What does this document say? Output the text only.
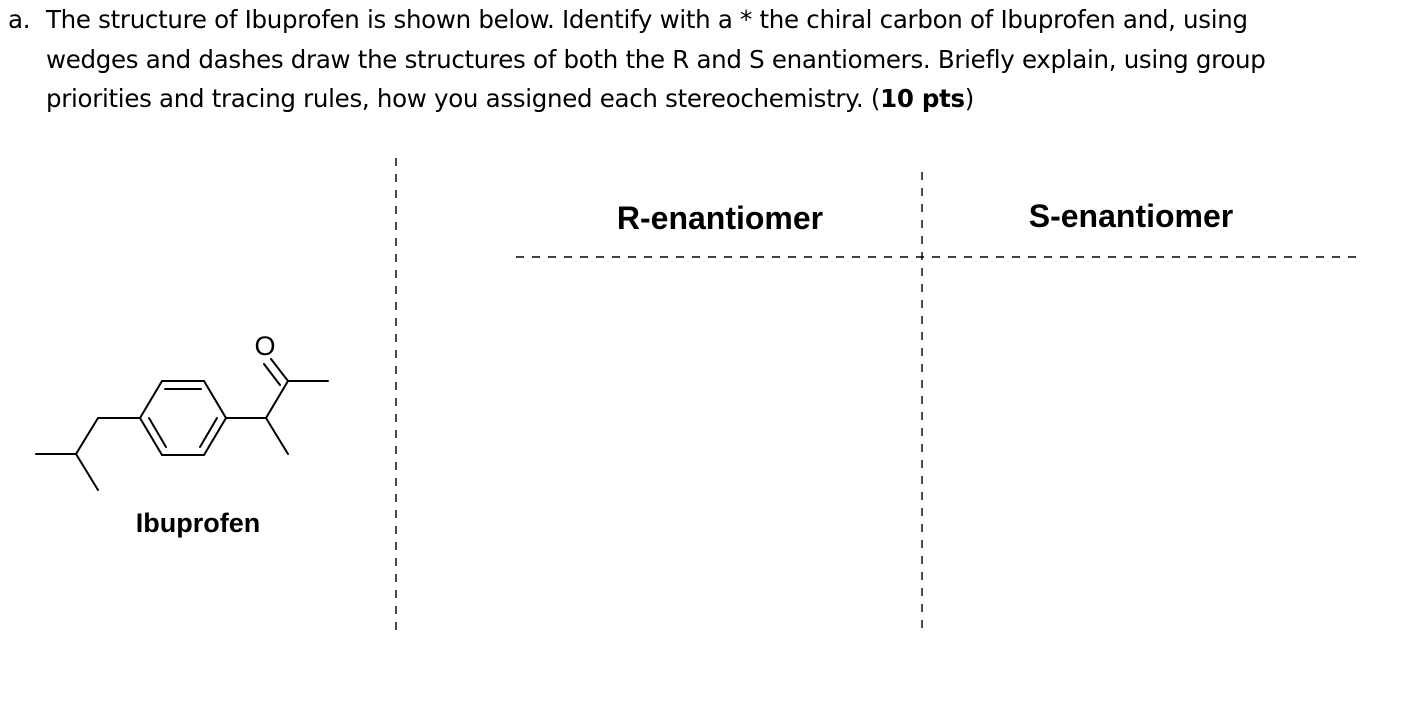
a. The structure of Ibuprofen is shown below. Identify with a * the chiral carbon of Ibuprofen and, using
wedges and dashes draw the structures of both the R and S enantiomers. Briefly explain, using group
priorities and tracing rules, how you assigned each stereochemistry. (10 pts)
R-enantiomer	S-enantiomer
O
Ibuprofen
